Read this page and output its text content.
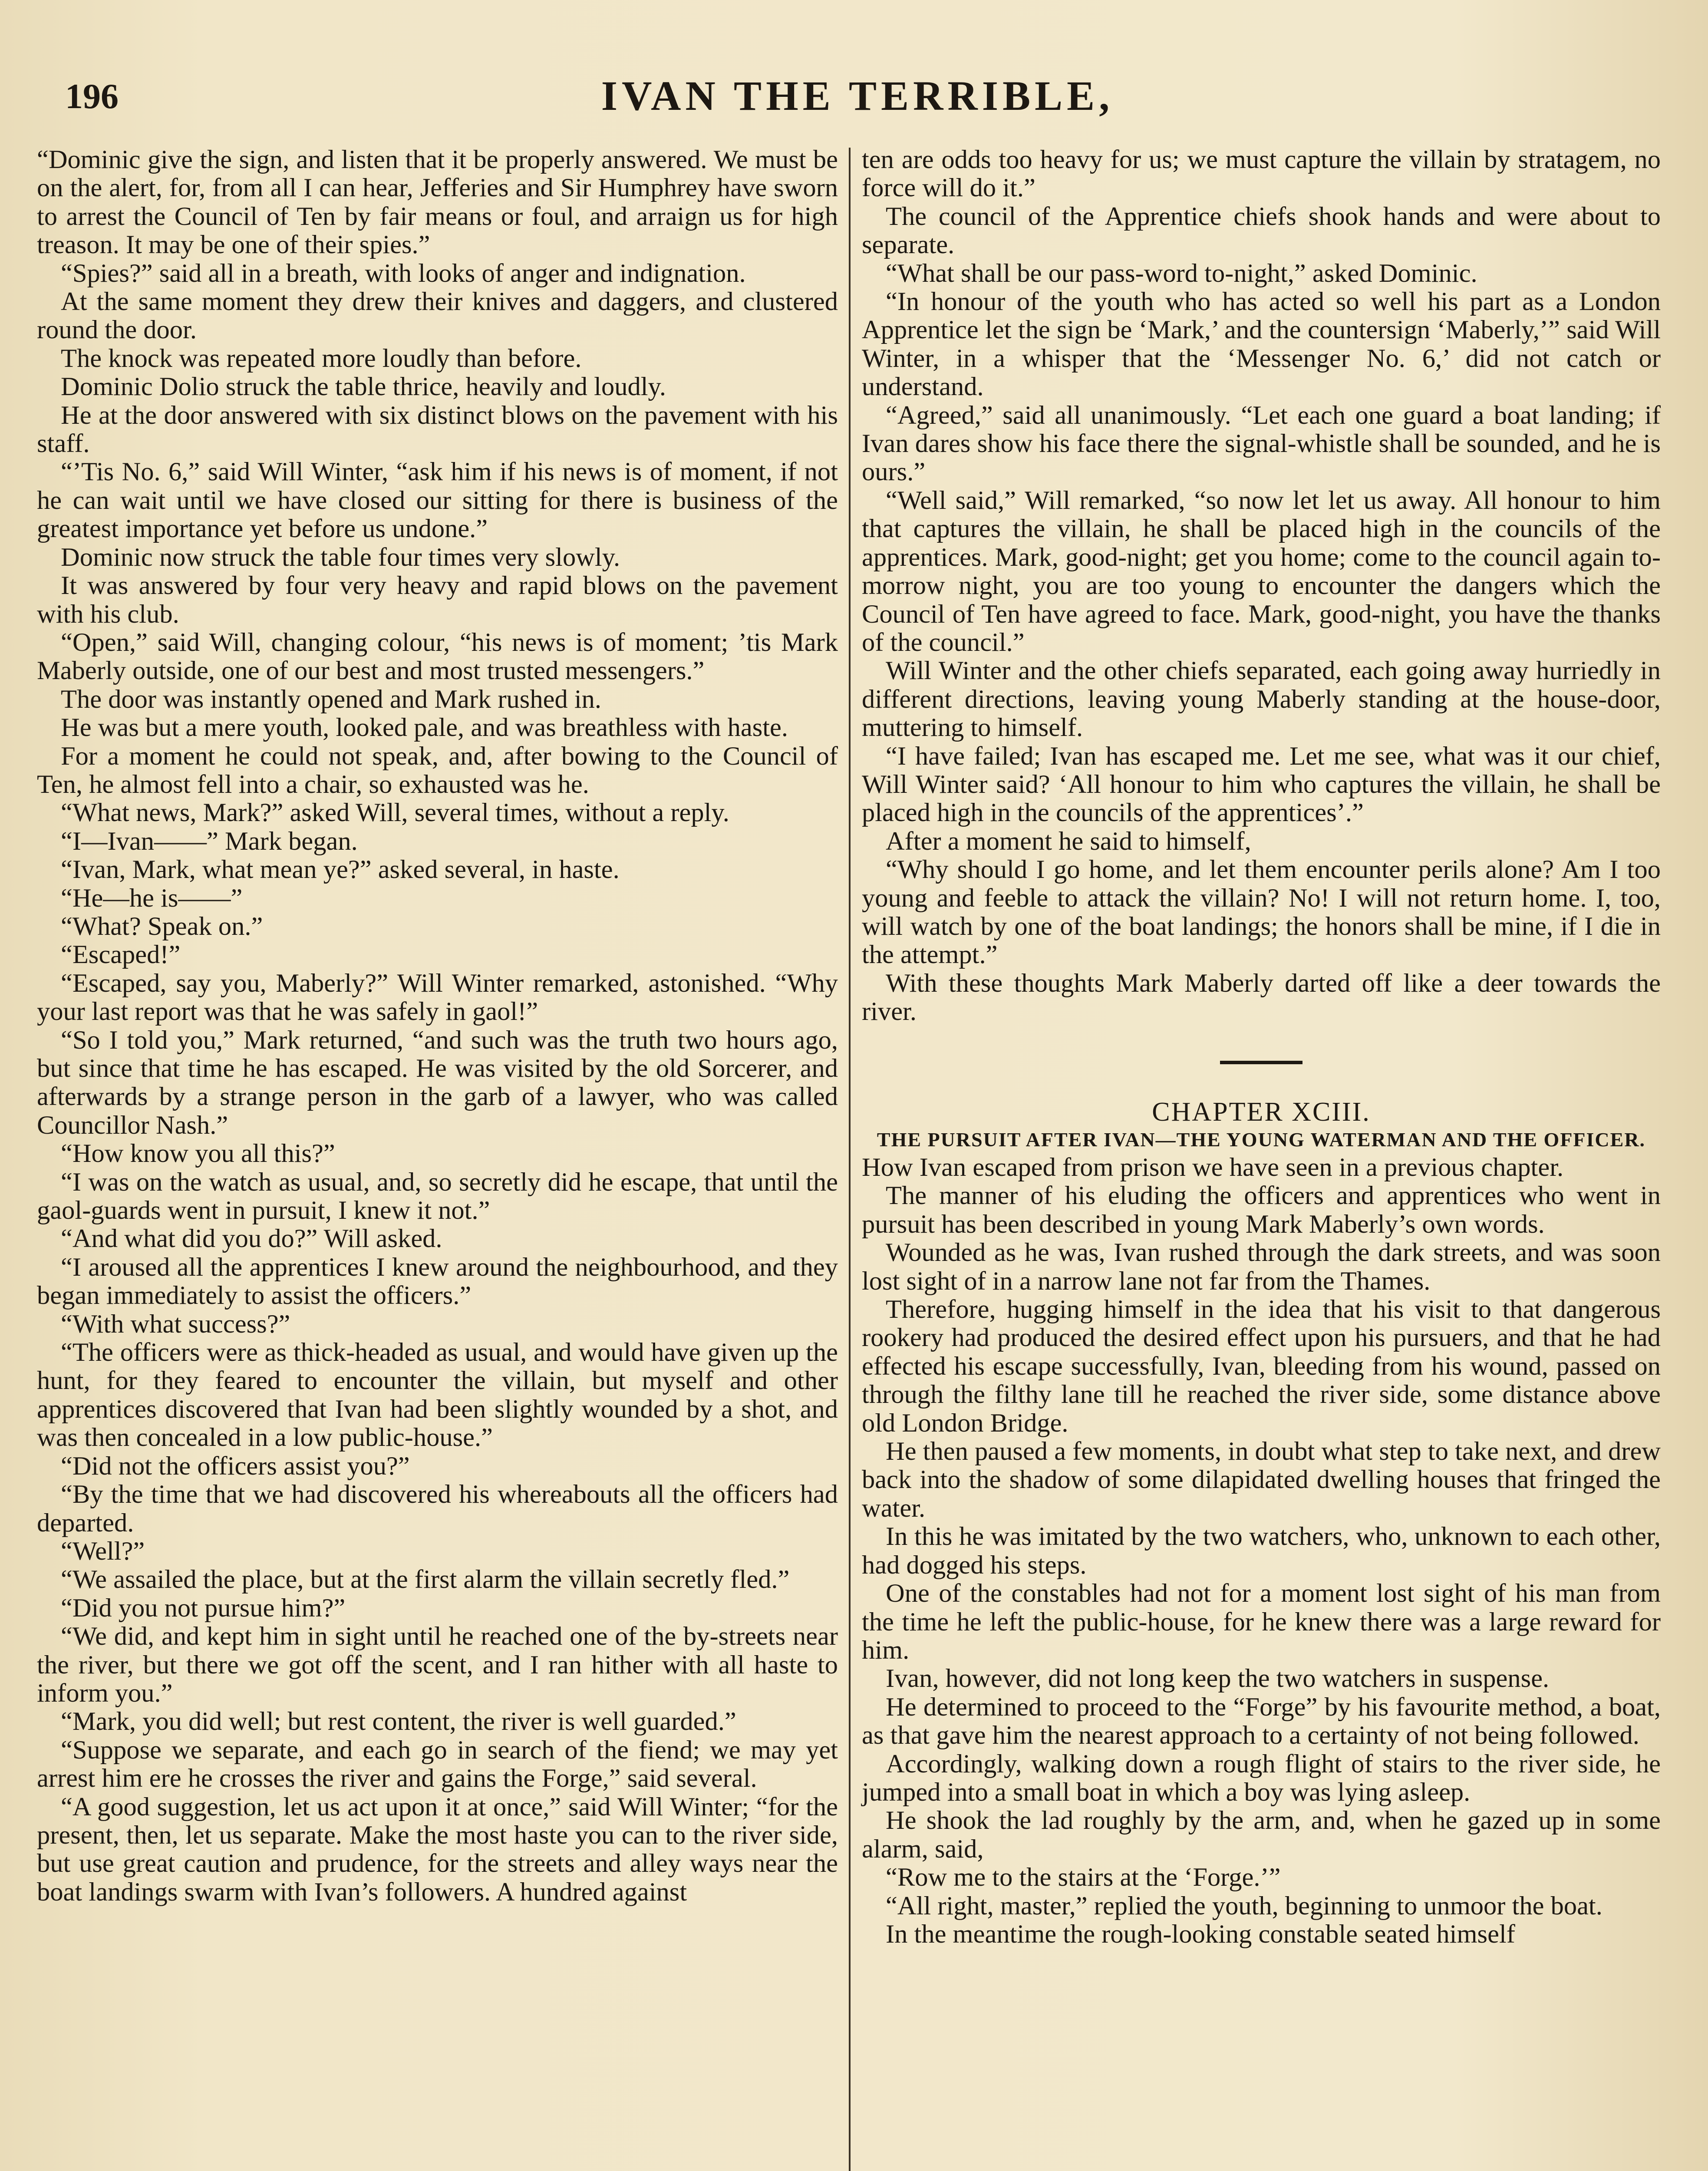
196	IVAN THE TERRIBLE,

“Dominic give the sign, and listen that it be properly answered. We must be on the alert, for, from all I can hear, Jefferies and Sir Humphrey have sworn to arrest the Council of Ten by fair means or foul, and arraign us for high treason. It may be one of their spies.”

“Spies?” said all in a breath, with looks of anger and indignation.

At the same moment they drew their knives and daggers, and clustered round the door.

The knock was repeated more loudly than before.

Dominic Dolio struck the table thrice, heavily and loudly.

He at the door answered with six distinct blows on the pavement with his staff.

“’Tis No. 6,” said Will Winter, “ask him if his news is of moment, if not he can wait until we have closed our sitting for there is business of the greatest importance yet before us undone.”

Dominic now struck the table four times very slowly.

It was answered by four very heavy and rapid blows on the pavement with his club.

“Open,” said Will, changing colour, “his news is of moment; ’tis Mark Maberly outside, one of our best and most trusted messengers.”

The door was instantly opened and Mark rushed in.

He was but a mere youth, looked pale, and was breathless with haste.

For a moment he could not speak, and, after bowing to the Council of Ten, he almost fell into a chair, so exhausted was he.

“What news, Mark?” asked Will, several times, without a reply.

“I—Ivan——” Mark began.

“Ivan, Mark, what mean ye?” asked several, in haste.

“He—he is——”

“What? Speak on.”

“Escaped!”

“Escaped, say you, Maberly?” Will Winter remarked, astonished. “Why your last report was that he was safely in gaol!”

“So I told you,” Mark returned, “and such was the truth two hours ago, but since that time he has escaped. He was visited by the old Sorcerer, and afterwards by a strange person in the garb of a lawyer, who was called Councillor Nash.”

“How know you all this?”

“I was on the watch as usual, and, so secretly did he escape, that until the gaol-guards went in pursuit, I knew it not.”

“And what did you do?” Will asked.

“I aroused all the apprentices I knew around the neighbourhood, and they began immediately to assist the officers.”

“With what success?”

“The officers were as thick-headed as usual, and would have given up the hunt, for they feared to encounter the villain, but myself and other apprentices discovered that Ivan had been slightly wounded by a shot, and was then concealed in a low public-house.”

“Did not the officers assist you?”

“By the time that we had discovered his whereabouts all the officers had departed.

“Well?”

“We assailed the place, but at the first alarm the villain secretly fled.”

“Did you not pursue him?”

“We did, and kept him in sight until he reached one of the by-streets near the river, but there we got off the scent, and I ran hither with all haste to inform you.”

“Mark, you did well; but rest content, the river is well guarded.”

“Suppose we separate, and each go in search of the fiend; we may yet arrest him ere he crosses the river and gains the Forge,” said several.

“A good suggestion, let us act upon it at once,” said Will Winter; “for the present, then, let us separate. Make the most haste you can to the river side, but use great caution and prudence, for the streets and alley ways near the boat landings swarm with Ivan’s followers. A hundred against

ten are odds too heavy for us; we must capture the villain by stratagem, no force will do it.”

The council of the Apprentice chiefs shook hands and were about to separate.

“What shall be our pass-word to-night,” asked Dominic.

“In honour of the youth who has acted so well his part as a London Apprentice let the sign be ‘Mark,’ and the countersign ‘Maberly,’” said Will Winter, in a whisper that the ‘Messenger No. 6,’ did not catch or understand.

“Agreed,” said all unanimously. “Let each one guard a boat landing; if Ivan dares show his face there the signal-whistle shall be sounded, and he is ours.”

“Well said,” Will remarked, “so now let let us away. All honour to him that captures the villain, he shall be placed high in the councils of the apprentices. Mark, good-night; get you home; come to the council again to-morrow night, you are too young to encounter the dangers which the Council of Ten have agreed to face. Mark, good-night, you have the thanks of the council.”

Will Winter and the other chiefs separated, each going away hurriedly in different directions, leaving young Maberly standing at the house-door, muttering to himself.

“I have failed; Ivan has escaped me. Let me see, what was it our chief, Will Winter said? ‘All honour to him who captures the villain, he shall be placed high in the councils of the apprentices’.”

After a moment he said to himself,

“Why should I go home, and let them encounter perils alone? Am I too young and feeble to attack the villain? No! I will not return home. I, too, will watch by one of the boat landings; the honors shall be mine, if I die in the attempt.”

With these thoughts Mark Maberly darted off like a deer towards the river.

CHAPTER XCIII.

THE PURSUIT AFTER IVAN—THE YOUNG WATERMAN AND THE OFFICER.

How Ivan escaped from prison we have seen in a previous chapter.

The manner of his eluding the officers and apprentices who went in pursuit has been described in young Mark Maberly’s own words.

Wounded as he was, Ivan rushed through the dark streets, and was soon lost sight of in a narrow lane not far from the Thames.

Therefore, hugging himself in the idea that his visit to that dangerous rookery had produced the desired effect upon his pursuers, and that he had effected his escape successfully, Ivan, bleeding from his wound, passed on through the filthy lane till he reached the river side, some distance above old London Bridge.

He then paused a few moments, in doubt what step to take next, and drew back into the shadow of some dilapidated dwelling houses that fringed the water.

In this he was imitated by the two watchers, who, unknown to each other, had dogged his steps.

One of the constables had not for a moment lost sight of his man from the time he left the public-house, for he knew there was a large reward for him.

Ivan, however, did not long keep the two watchers in suspense.

He determined to proceed to the “Forge” by his favourite method, a boat, as that gave him the nearest approach to a certainty of not being followed.

Accordingly, walking down a rough flight of stairs to the river side, he jumped into a small boat in which a boy was lying asleep.

He shook the lad roughly by the arm, and, when he gazed up in some alarm, said,

“Row me to the stairs at the ‘Forge.’”

“All right, master,” replied the youth, beginning to unmoor the boat.

In the meantime the rough-looking constable seated himself
